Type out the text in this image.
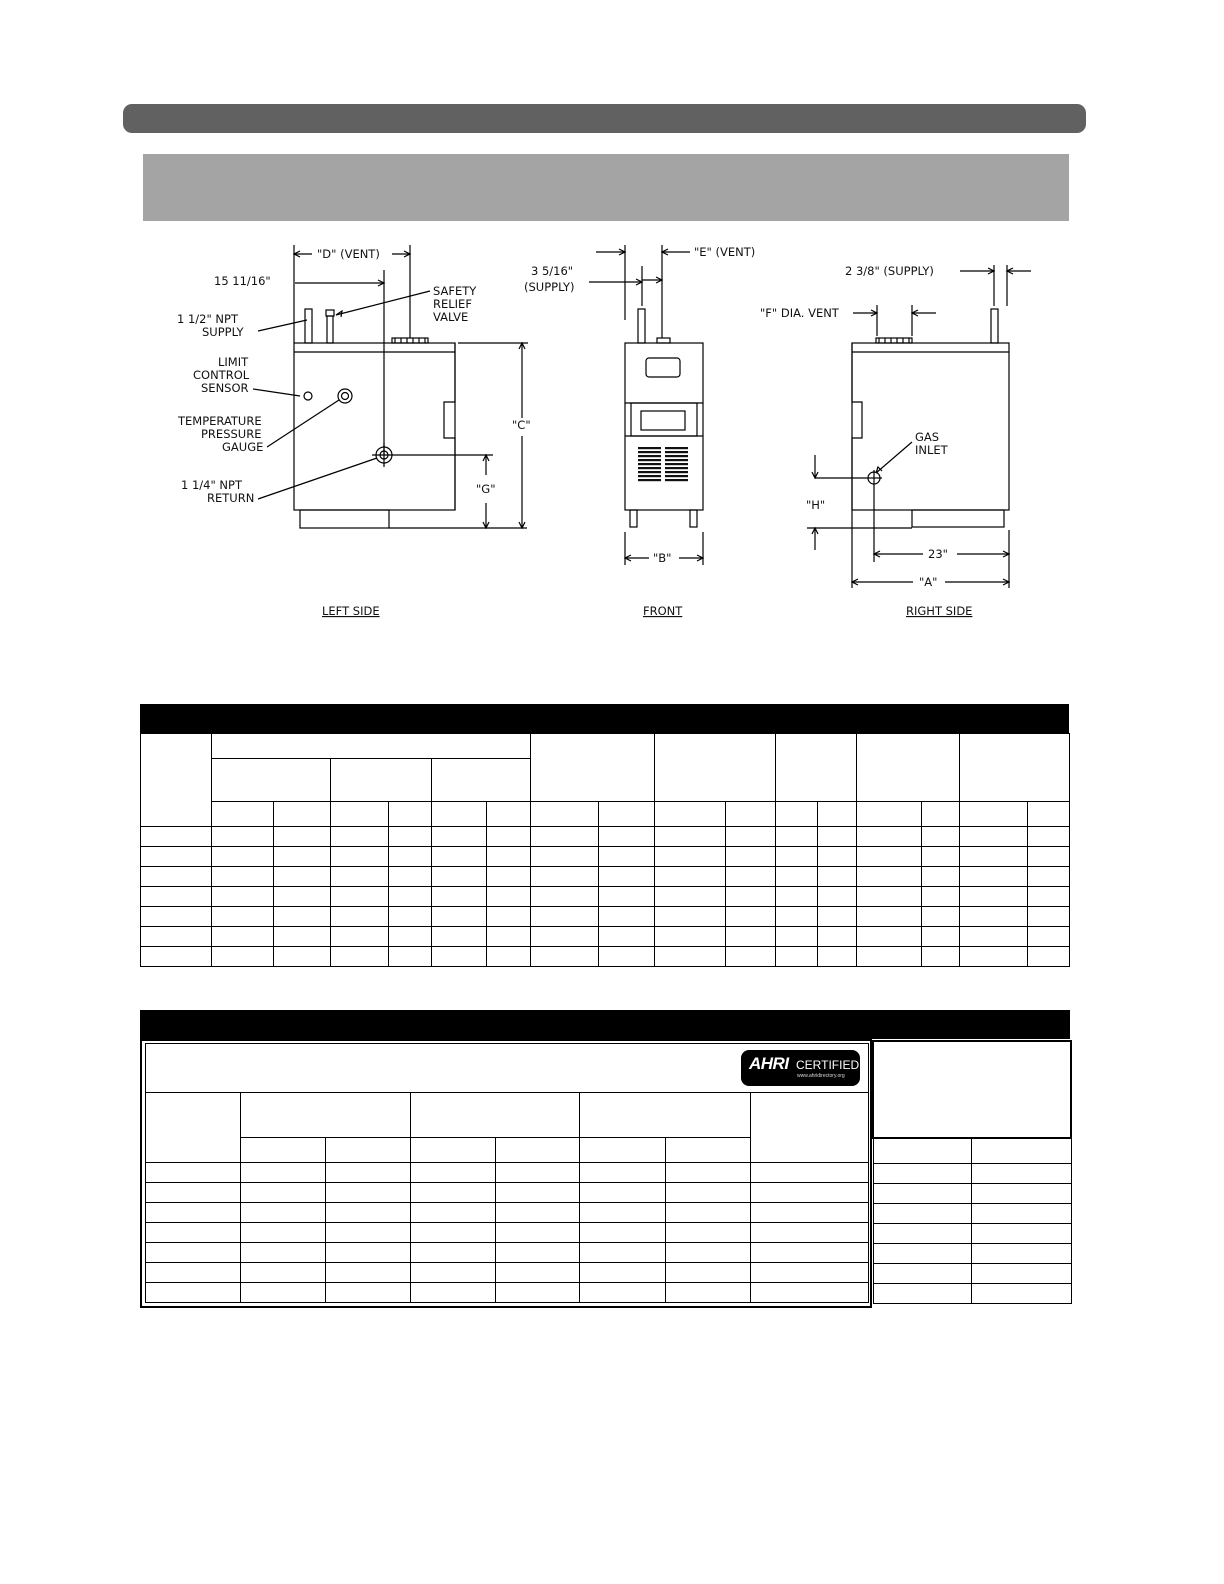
"D" (VENT)
15 11/16"
1 1/2" NPT
SUPPLY
SAFETY
RELIEF
VALVE
LIMIT
CONTROL
SENSOR
TEMPERATURE
PRESSURE
GAUGE
1 1/4" NPT
RETURN
"C"
"G"
LEFT SIDE
"E" (VENT)
3 5/16"
(SUPPLY)
"B"
FRONT
2 3/8" (SUPPLY)
"F" DIA. VENT
GAS
INLET
"H"
23"
"A"
RIGHT SIDE

AHRI CERTIFIED
www.ahridirectory.org
